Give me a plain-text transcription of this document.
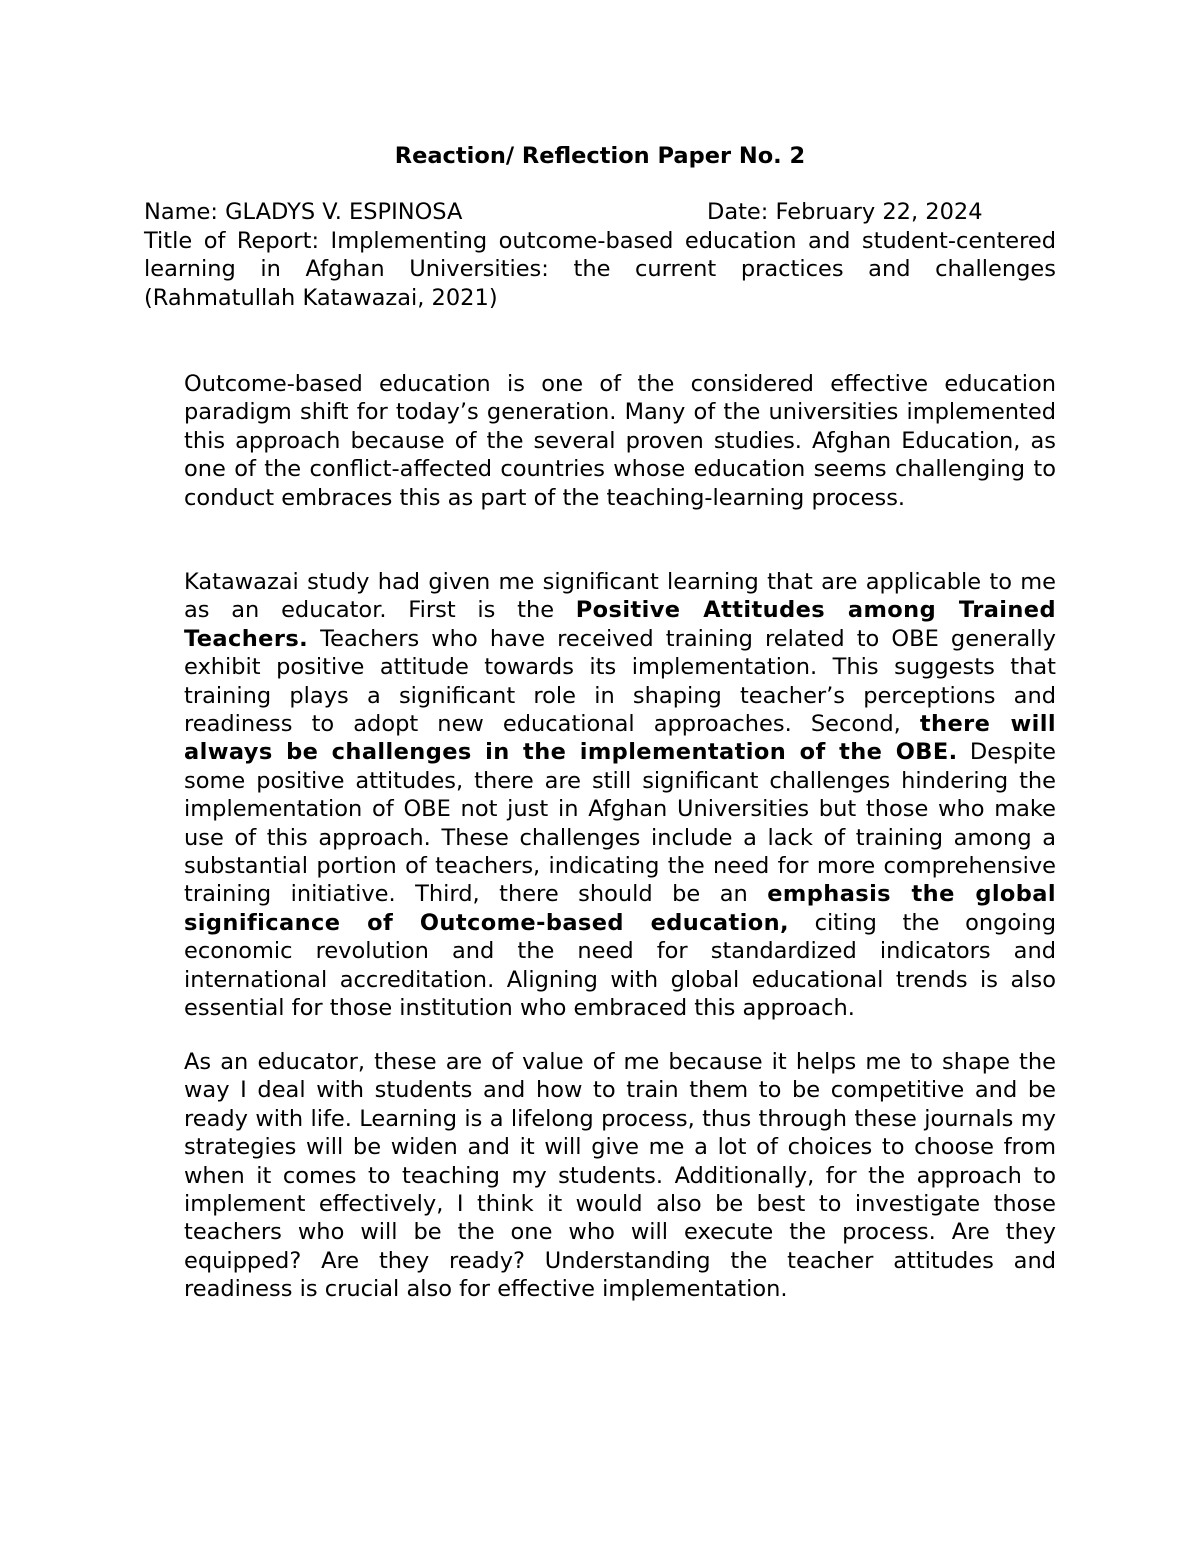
Reaction/ Reflection Paper No. 2
Name: GLADYS V. ESPINOSA	Date: February 22, 2024
Title of Report: Implementing outcome-based education and student-centered learning in Afghan Universities: the current practices and challenges (Rahmatullah Katawazai, 2021)

Outcome-based education is one of the considered effective education paradigm shift for today’s generation. Many of the universities implemented this approach because of the several proven studies. Afghan Education, as one of the conflict-affected countries whose education seems challenging to conduct embraces this as part of the teaching-learning process.

Katawazai study had given me significant learning that are applicable to me as an educator. First is the Positive Attitudes among Trained Teachers. Teachers who have received training related to OBE generally exhibit positive attitude towards its implementation. This suggests that training plays a significant role in shaping teacher’s perceptions and readiness to adopt new educational approaches. Second, there will always be challenges in the implementation of the OBE. Despite some positive attitudes, there are still significant challenges hindering the implementation of OBE not just in Afghan Universities but those who make use of this approach. These challenges include a lack of training among a substantial portion of teachers, indicating the need for more comprehensive training initiative. Third, there should be an emphasis the global significance of Outcome-based education, citing the ongoing economic revolution and the need for standardized indicators and international accreditation. Aligning with global educational trends is also essential for those institution who embraced this approach.

As an educator, these are of value of me because it helps me to shape the way I deal with students and how to train them to be competitive and be ready with life. Learning is a lifelong process, thus through these journals my strategies will be widen and it will give me a lot of choices to choose from when it comes to teaching my students. Additionally, for the approach to implement effectively, I think it would also be best to investigate those teachers who will be the one who will execute the process. Are they equipped? Are they ready? Understanding the teacher attitudes and readiness is crucial also for effective implementation.
